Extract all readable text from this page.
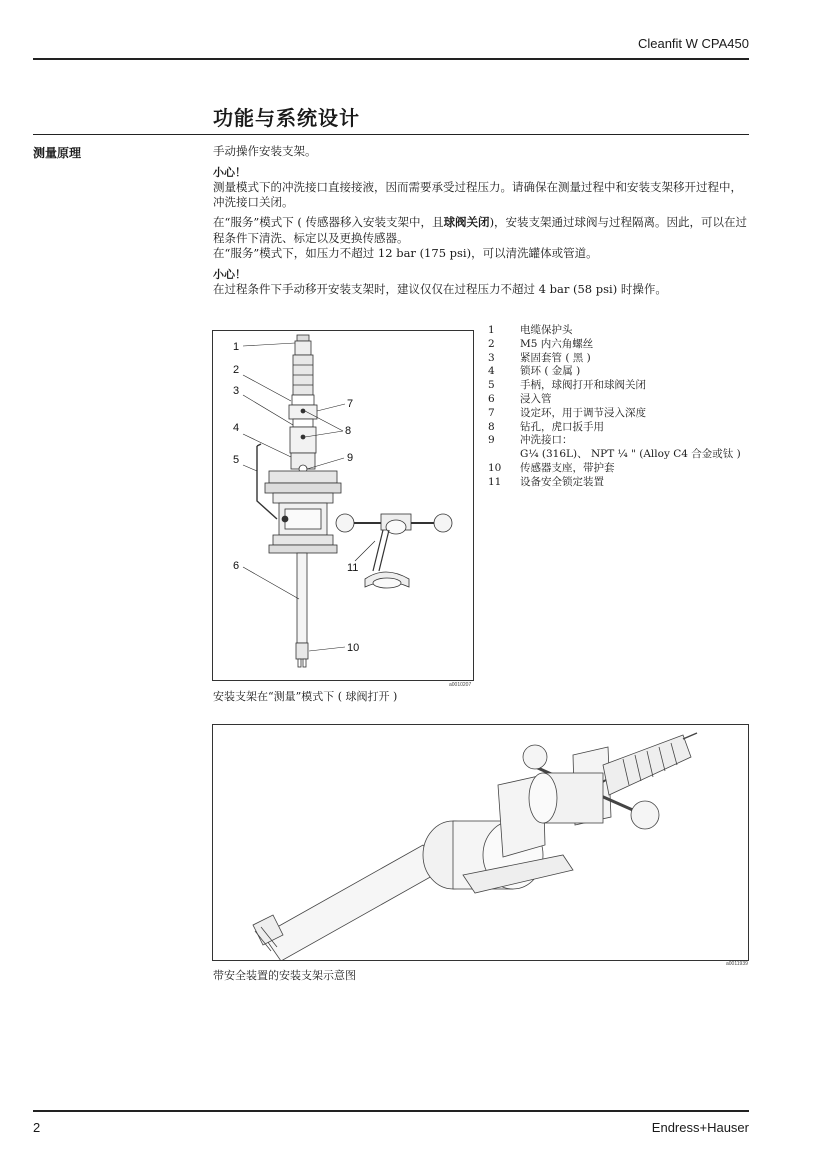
Cleanfit W CPA450
功能与系统设计
测量原理	手动操作安装支架。

小心！

测量模式下的冲洗接口直接接液，因而需要承受过程压力。请确保在测量过程中和安装支架移开过程中，冲洗接口关闭。

在“服务”模式下 ( 传感器移入安装支架中，且球阀关闭)，安装支架通过球阀与过程隔离。因此，可以在过程条件下清洗、标定以及更换传感器。

在“服务”模式下，如压力不超过 12 bar (175 psi)，可以清洗罐体或管道。

小心！

在过程条件下手动移开安装支架时，建议仅仅在过程压力不超过 4 bar (58 psi) 时操作。

1
2
3
4
5
6
7
8
9
10
11
a0010207
安装支架在“测量”模式下 ( 球阀打开 )
1	电缆保护头
2	M5 内六角螺丝
3	紧固套管 ( 黑 )
4	锁环 ( 金属 )
5	手柄，球阀打开和球阀关闭
6	浸入管
7	设定环，用于调节浸入深度
8	钻孔，虎口扳手用
9	冲洗接口：
G¼ (316L)、 NPT ¼ " (Alloy C4 合金或钛 )
10	传感器支座，带护套
11	设备安全锁定装置
a0011939
带安全装置的安装支架示意图
2	Endress+Hauser
